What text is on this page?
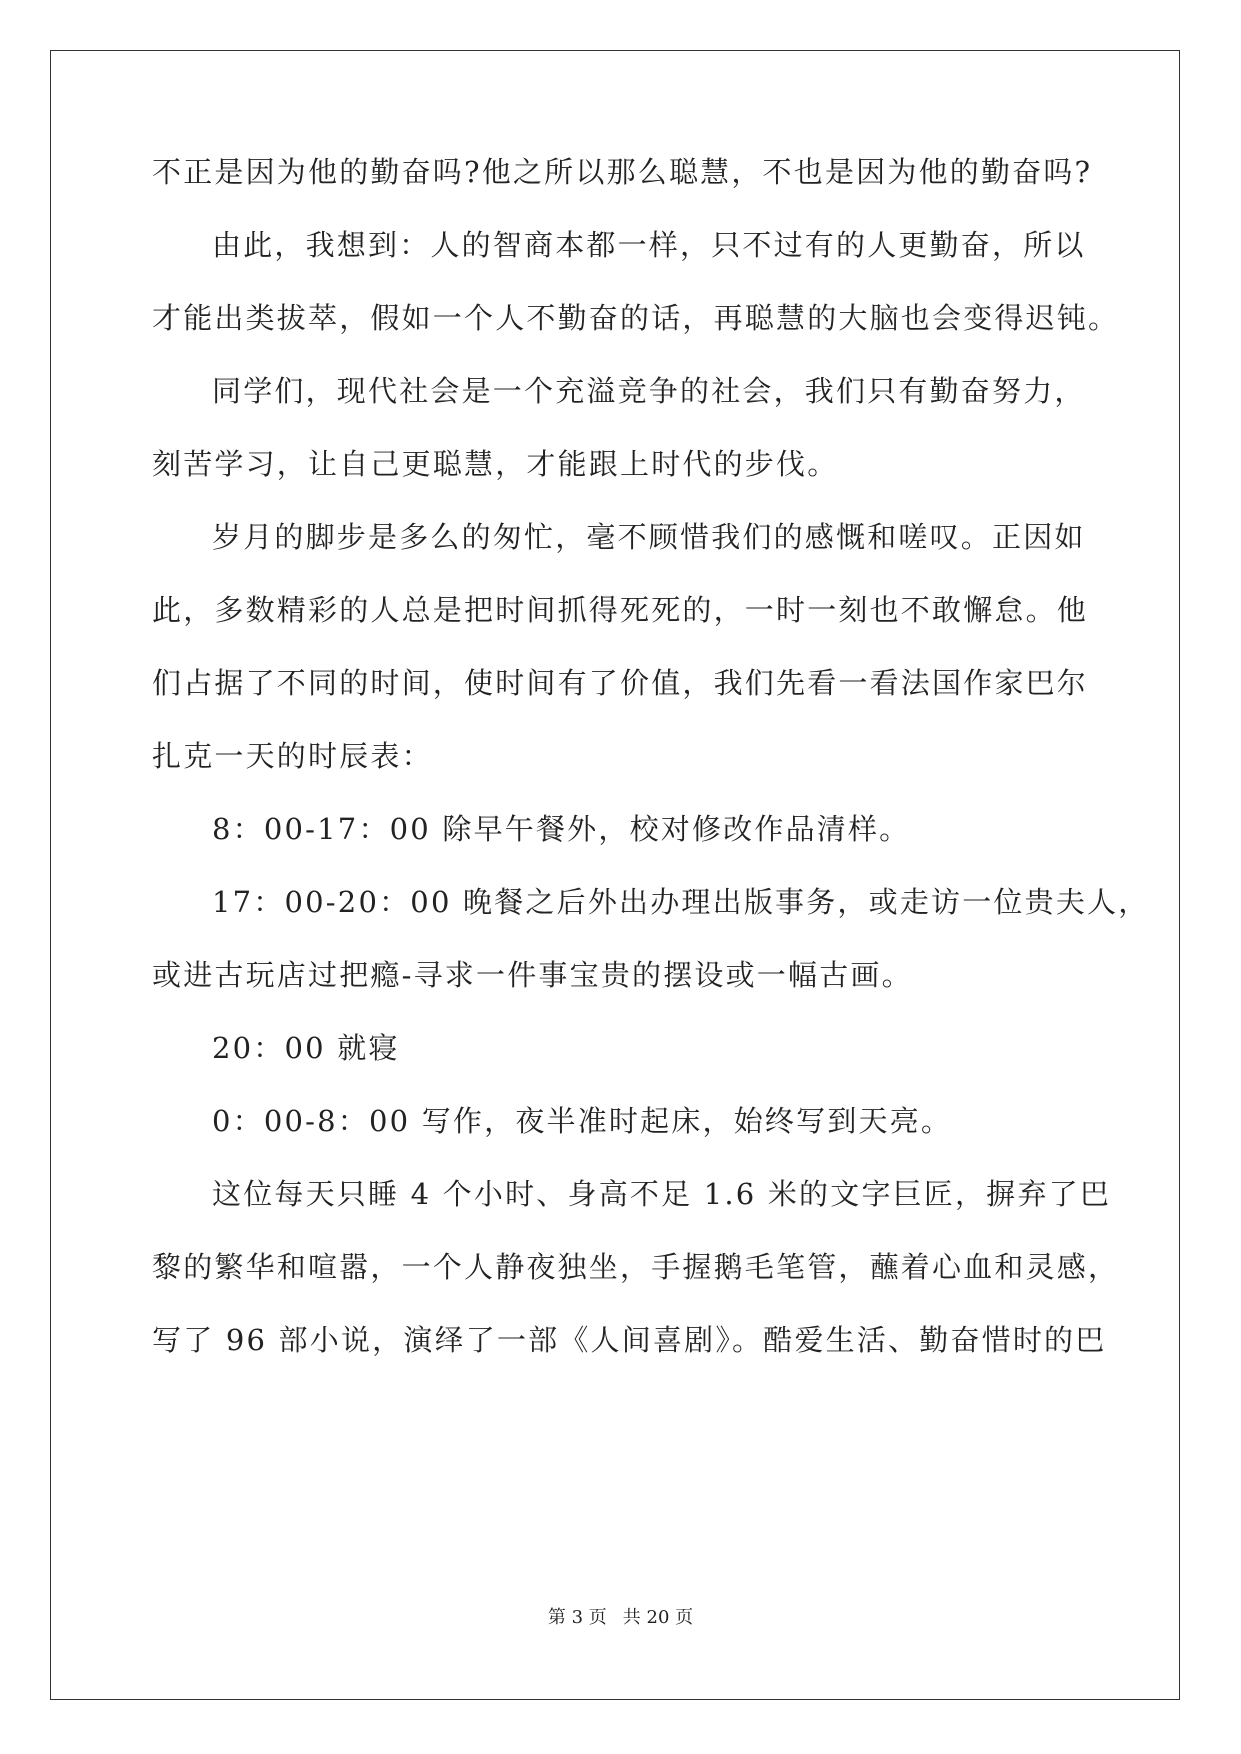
不正是因为他的勤奋吗?他之所以那么聪慧，不也是因为他的勤奋吗?
由此，我想到：人的智商本都一样，只不过有的人更勤奋，所以
才能出类拔萃，假如一个人不勤奋的话，再聪慧的大脑也会变得迟钝。
同学们，现代社会是一个充溢竞争的社会，我们只有勤奋努力，
刻苦学习，让自己更聪慧，才能跟上时代的步伐。
岁月的脚步是多么的匆忙，毫不顾惜我们的感慨和嗟叹。正因如
此，多数精彩的人总是把时间抓得死死的，一时一刻也不敢懈怠。他
们占据了不同的时间，使时间有了价值，我们先看一看法国作家巴尔
扎克一天的时辰表：
8：00-17：00 除早午餐外，校对修改作品清样。
17：00-20：00 晚餐之后外出办理出版事务，或走访一位贵夫人，
或进古玩店过把瘾-寻求一件事宝贵的摆设或一幅古画。
20：00 就寝
0：00-8：00 写作，夜半准时起床，始终写到天亮。
这位每天只睡 4 个小时、身高不足 1.6 米的文字巨匠，摒弃了巴
黎的繁华和喧嚣，一个人静夜独坐，手握鹅毛笔管，蘸着心血和灵感，
写了 96 部小说，演绎了一部《人间喜剧》。酷爱生活、勤奋惜时的巴
第 3 页 共 20 页
